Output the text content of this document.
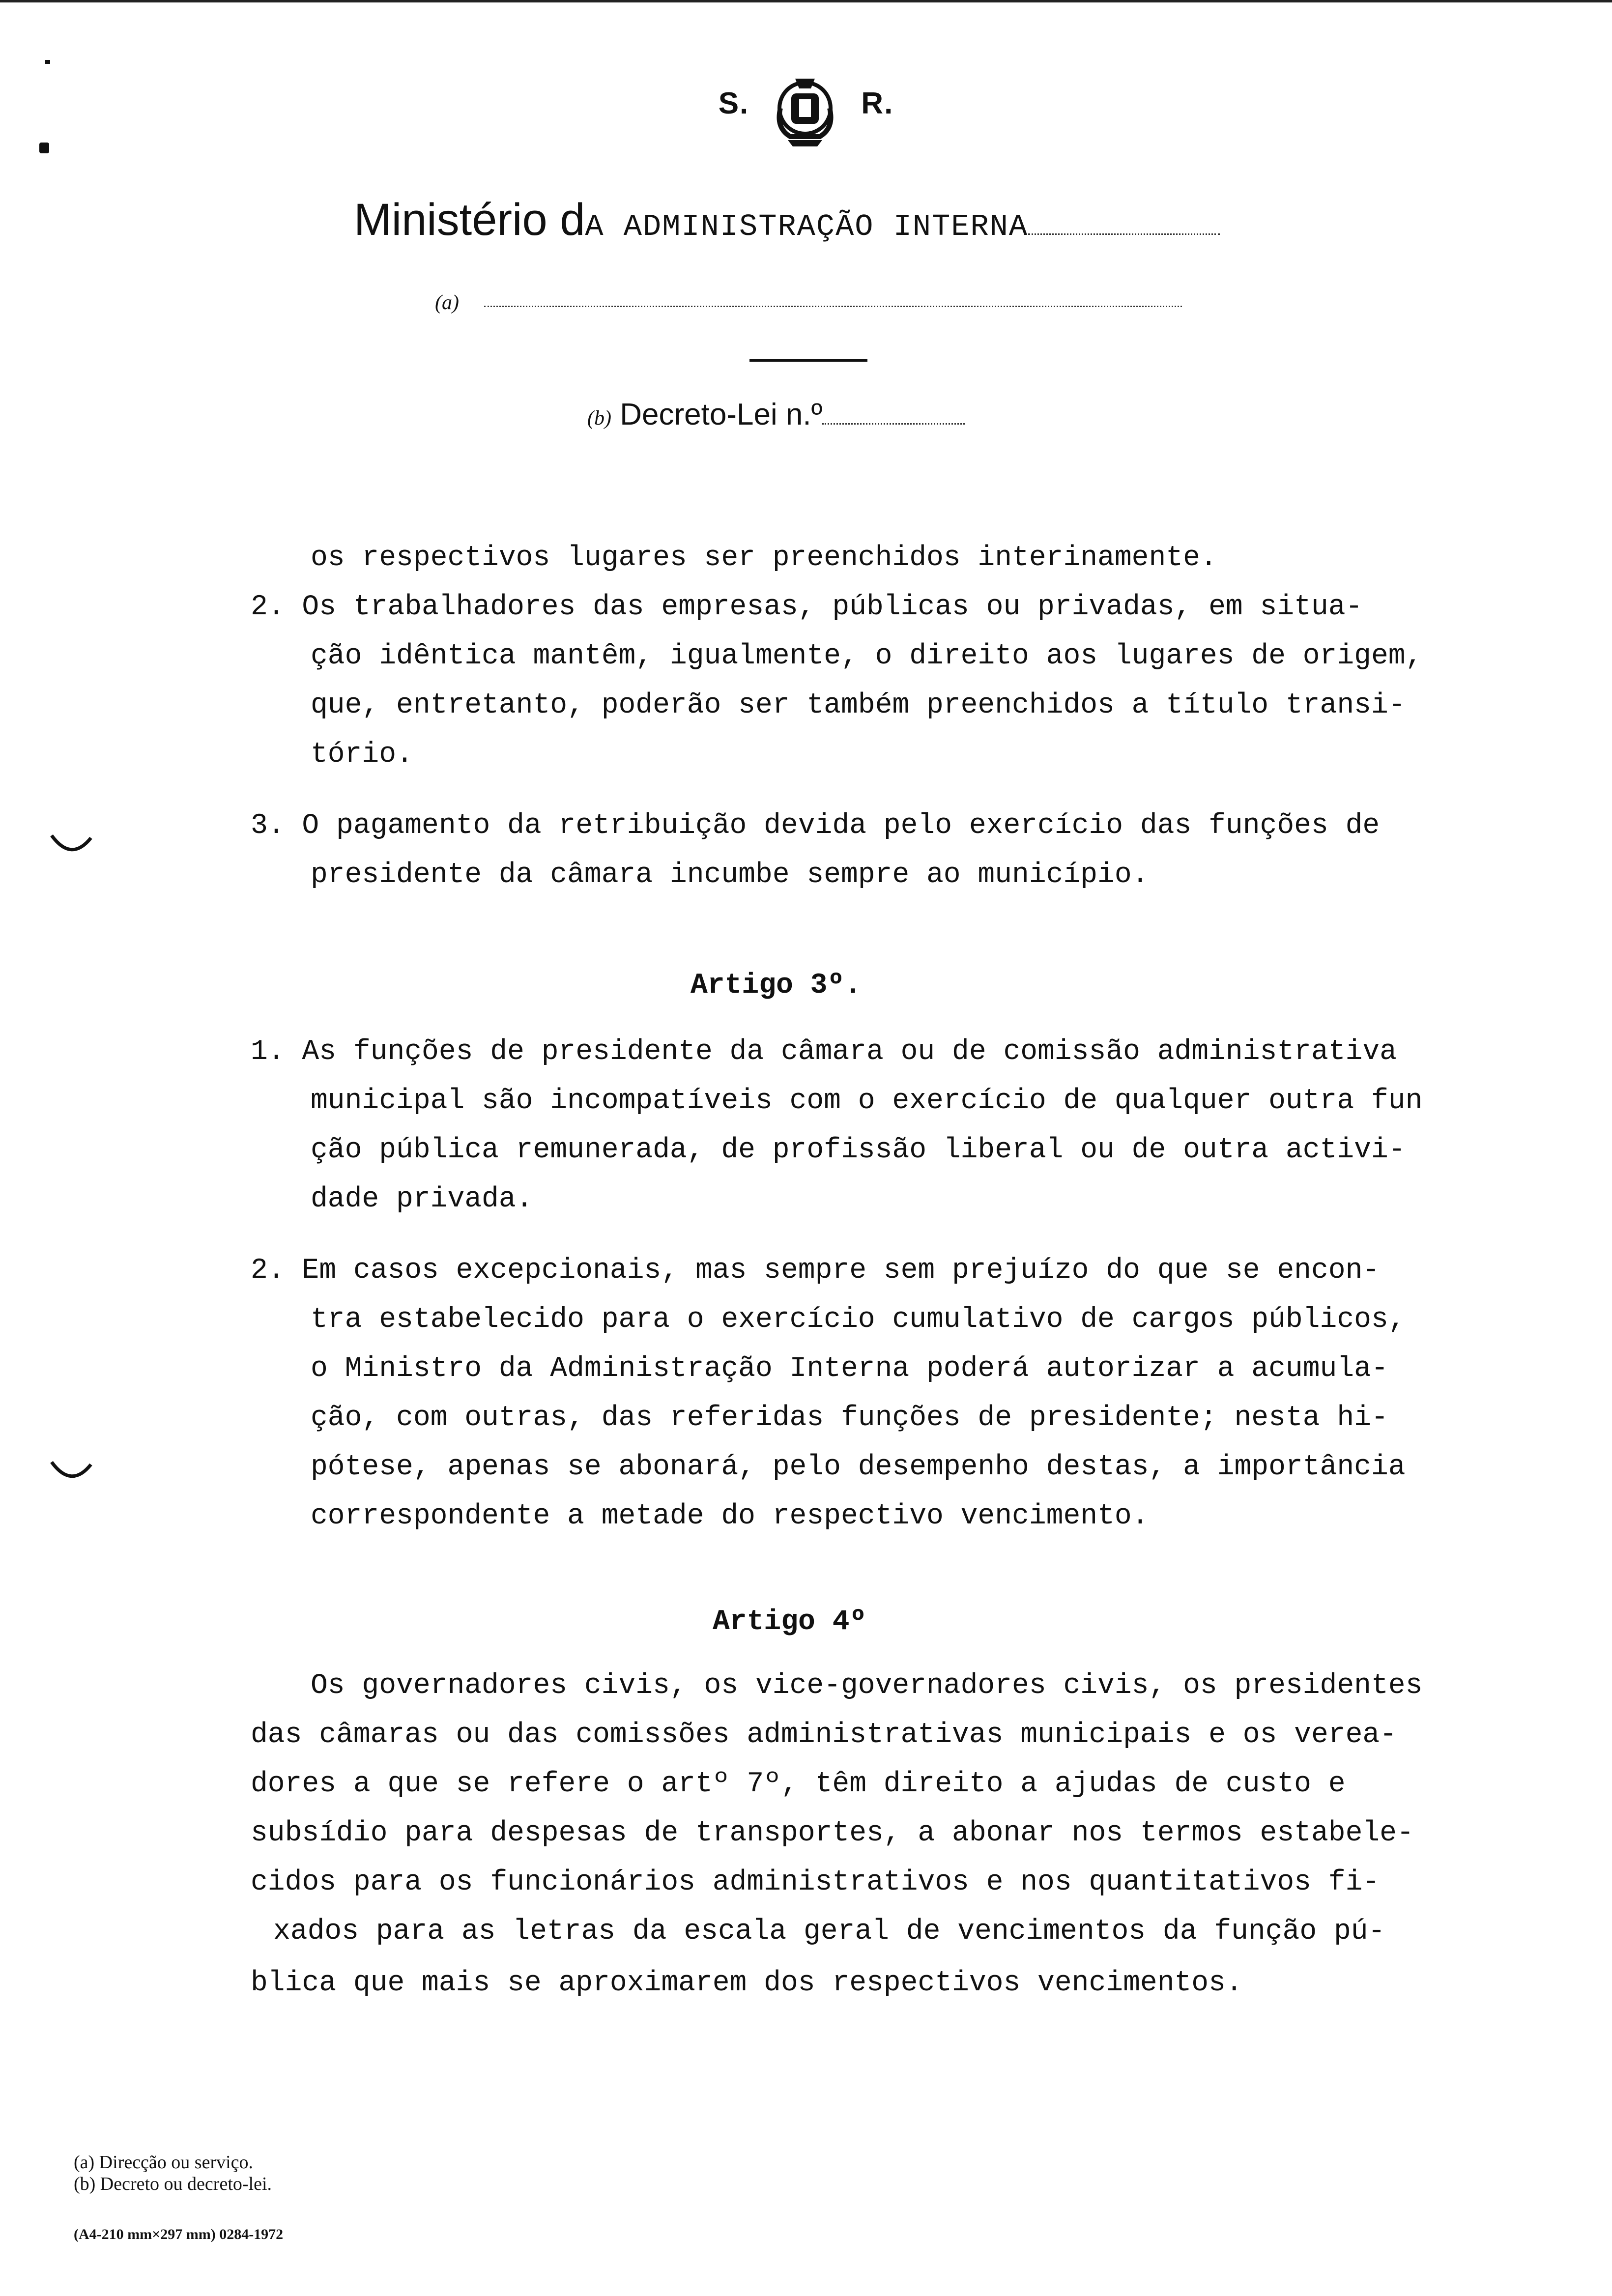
S.	R.
Ministério dA ADMINISTRAÇÃO INTERNA
(a)
(b) Decreto-Lei n.º
os respectivos lugares ser preenchidos interinamente.
2. Os trabalhadores das empresas, públicas ou privadas, em situa-
ção idêntica mantêm, igualmente, o direito aos lugares de origem,
que, entretanto, poderão ser também preenchidos a título transi-
tório.
3. O pagamento da retribuição devida pelo exercício das funções de
presidente da câmara incumbe sempre ao município.
Artigo 3º.
1. As funções de presidente da câmara ou de comissão administrativa
municipal são incompatíveis com o exercício de qualquer outra fun
ção pública remunerada, de profissão liberal ou de outra activi-
dade privada.
2. Em casos excepcionais, mas sempre sem prejuízo do que se encon-
tra estabelecido para o exercício cumulativo de cargos públicos,
o Ministro da Administração Interna poderá autorizar a acumula-
ção, com outras, das referidas funções de presidente; nesta hi-
pótese, apenas se abonará, pelo desempenho destas, a importância
correspondente a metade do respectivo vencimento.
Artigo 4º
Os governadores civis, os vice-governadores civis, os presidentes
das câmaras ou das comissões administrativas municipais e os verea-
dores a que se refere o artº 7º, têm direito a ajudas de custo e
subsídio para despesas de transportes, a abonar nos termos estabele-
cidos para os funcionários administrativos e nos quantitativos fi-
xados para as letras da escala geral de vencimentos da função pú-
blica que mais se aproximarem dos respectivos vencimentos.
(a) Direcção ou serviço.
(b) Decreto ou decreto-lei.
(A4-210 mm×297 mm) 0284-1972
